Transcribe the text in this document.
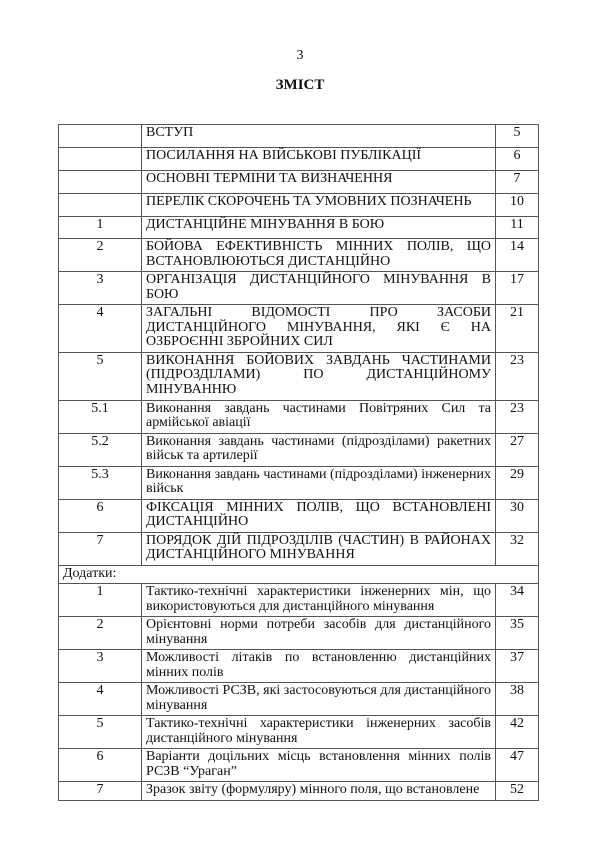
3
ЗМІСТ
	ВСТУП	5
	ПОСИЛАННЯ НА ВІЙСЬКОВІ ПУБЛІКАЦІЇ	6
	ОСНОВНІ ТЕРМІНИ ТА ВИЗНАЧЕННЯ	7
	ПЕРЕЛІК СКОРОЧЕНЬ ТА УМОВНИХ ПОЗНАЧЕНЬ	10
1	ДИСТАНЦІЙНЕ МІНУВАННЯ В БОЮ	11
2	БОЙОВА ЕФЕКТИВНІСТЬ МІННИХ ПОЛІВ, ЩО ВСТАНОВЛЮЮТЬСЯ ДИСТАНЦІЙНО	14
3	ОРГАНІЗАЦІЯ ДИСТАНЦІЙНОГО МІНУВАННЯ В БОЮ	17
4	ЗАГАЛЬНІ ВІДОМОСТІ ПРО ЗАСОБИ ДИСТАНЦІЙНОГО МІНУВАННЯ, ЯКІ Є НА ОЗБРОЄННІ ЗБРОЙНИХ СИЛ	21
5	ВИКОНАННЯ БОЙОВИХ ЗАВДАНЬ ЧАСТИНАМИ (ПІДРОЗДІЛАМИ) ПО ДИСТАНЦІЙНОМУ МІНУВАННЮ	23
5.1	Виконання завдань частинами Повітряних Сил та армійської авіації	23
5.2	Виконання завдань частинами (підрозділами) ракетних військ та артилерії	27
5.3	Виконання завдань частинами (підрозділами) інженерних військ	29
6	ФІКСАЦІЯ МІННИХ ПОЛІВ, ЩО ВСТАНОВЛЕНІ ДИСТАНЦІЙНО	30
7	ПОРЯДОК ДІЙ ПІДРОЗДІЛІВ (ЧАСТИН) В РАЙОНАХ ДИСТАНЦІЙНОГО МІНУВАННЯ	32
Додатки:		
1	Тактико-технічні характеристики інженерних мін, що використовуються для дистанційного мінування	34
2	Орієнтовні норми потреби засобів для дистанційного мінування	35
3	Можливості літаків по встановленню дистанційних мінних полів	37
4	Можливості РСЗВ, які застосовуються для дистанційного мінування	38
5	Тактико-технічні характеристики інженерних засобів дистанційного мінування	42
6	Варіанти доцільних місць встановлення мінних полів РСЗВ “Ураган”	47
7	Зразок звіту (формуляру) мінного поля, що встановлене	52
